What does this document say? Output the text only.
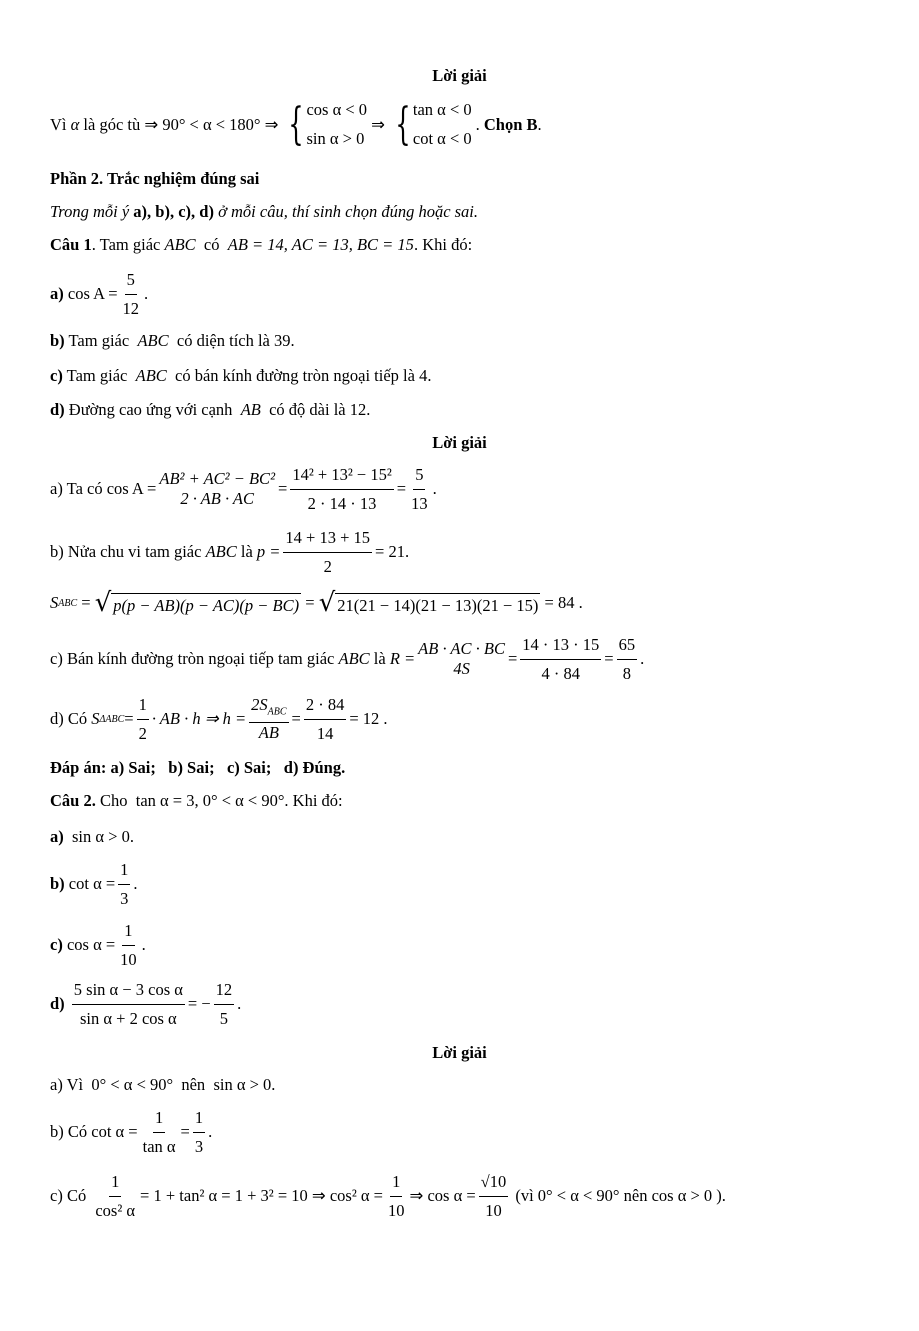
Lời giải
Vì
α
là góc tù
⇒ 90° < α < 180° ⇒ { cos α < 0
sin α > 0
⇒ { tan α < 0
cot α < 0
.
Chọn B .
Phần 2. Trắc nghiệm đúng sai
Trong mỗi ý a), b), c), d) ở mỗi câu, thí sinh chọn đúng hoặc sai.
Câu 1. Tam giác ABC có AB = 14, AC = 13, BC = 15. Khi đó:
a)
$\cos A = \frac{5}{12}$ .
b) Tam giác ABC có diện tích là 39.
c) Tam giác ABC có bán kính đường tròn ngoại tiếp là 4.
d) Đường cao ứng với cạnh AB có độ dài là 12.
Lời giải
a) Ta có
cos A =
AB² + AC² − BC²
2 · AB · AC
= $\frac{\text{14² + 13² − 15²}}{2 \cdot 14 \cdot 13} = \frac{5}{13}$ .
b) Nửa chu vi tam giác
ABC
là
$p = \frac{14 + 13 + 15}{2} = 21$.
S ABC
=
√ p(p − AB)(p − AC)(p − BC)
=
√ 21(21 − 14)(21 − 13)(21 − 15)
= 84 .
c) Bán kính đường tròn ngoại tiếp tam giác
ABC
là
R =
AB · AC · BC
4S
= $\frac{14 \cdot 13 \cdot 15}{4 \cdot 84} = \frac{65}{8}$ .
d) Có
S $\Delta ABC = \frac{1}{2}$ · AB · h ⇒ $h = \frac{2S_{ABC}}{AB} = \frac{2 \cdot 84}{14} = 12$ .
Đáp án: a) Sai;   b) Sai;   c) Sai;   d) Đúng.
Câu 2. Cho tan α = 3, 0° < α < 90°. Khi đó:
a) sin α > 0.
b)
$\cot \alpha = \frac{1}{3}$ .
c)
$\cos \alpha = \frac{1}{10}$ .
d)
$\frac{\text{5 sin α − 3 cos α}}{\text{sin α + 2 cos α}}$ = − $\frac{12}{5}$ .
Lời giải
a) Vì 0° < α < 90° nên sin α > 0.
b) Có
$\cot \alpha = \frac{1}{\text{tan α}} = \frac{1}{3}$ .
c) Có
$\frac{1}{\text{cos² α}} = 1 + \tan^2$ α = 1 + 3² = 10 ⇒ cos² $\alpha = \frac{1}{10}$ ⇒ $\cos \alpha = \frac{√10}{10}$
(vì 0° < α < 90° nên cos α > 0 ).
